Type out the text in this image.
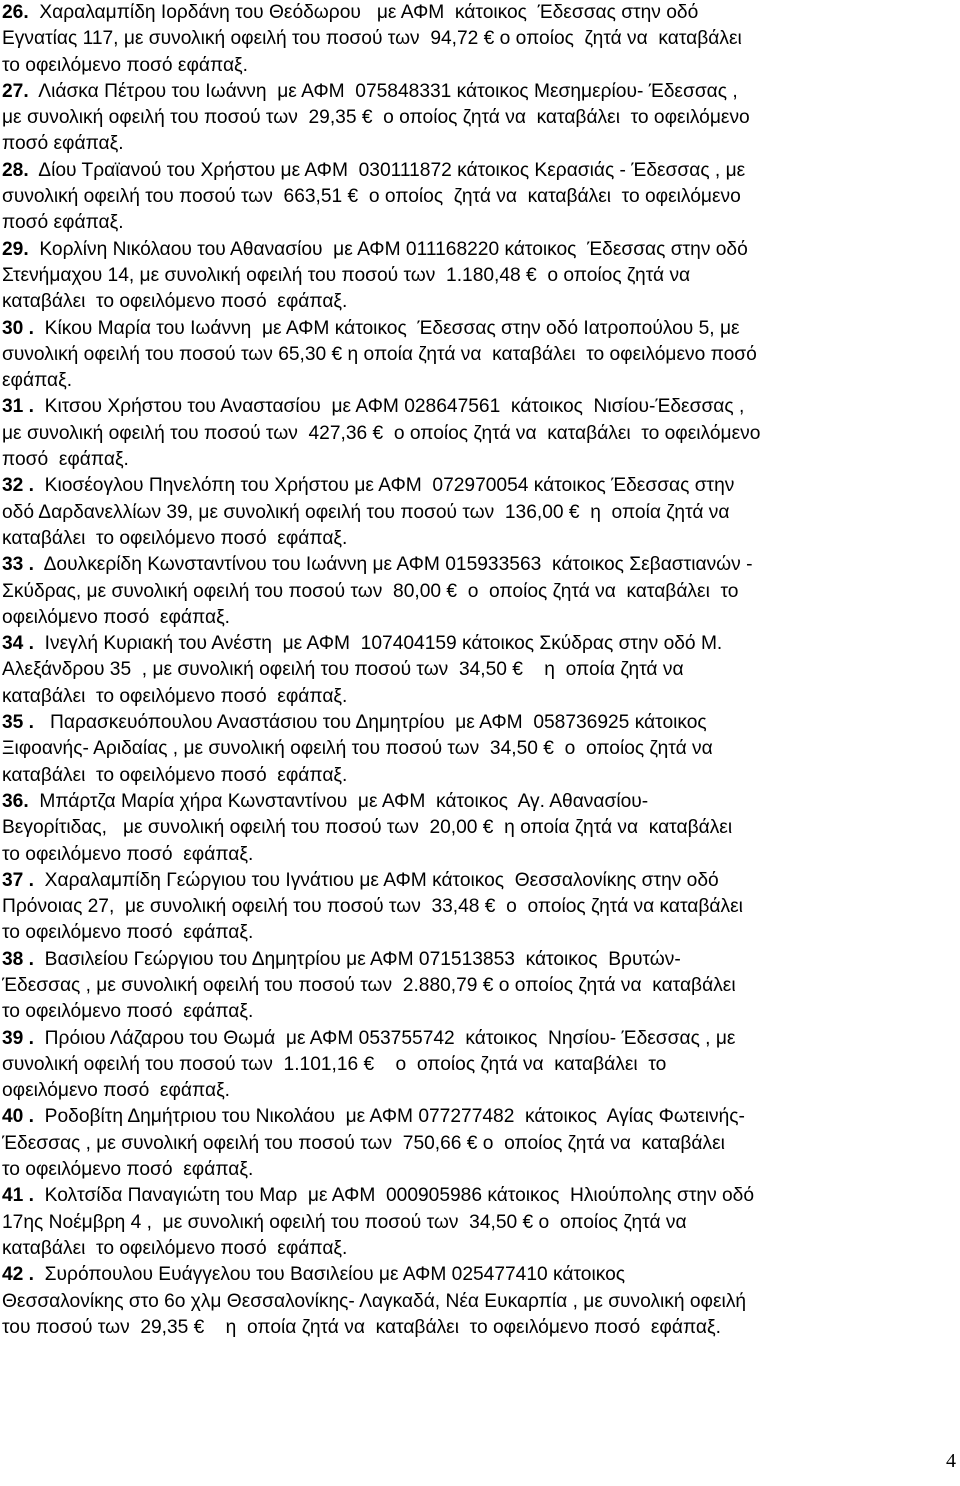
26.  Χαραλαμπίδη Ιορδάνη του Θεόδωρου   με ΑΦΜ  κάτοικος  Έδεσσας στην οδό
Εγνατίας 117, με συνολική οφειλή του ποσού των  94,72 € ο οποίος  ζητά να  καταβάλει
το οφειλόμενο ποσό εφάπαξ.
27.  Λιάσκα Πέτρου του Ιωάννη  με ΑΦΜ  075848331 κάτοικος Μεσημερίου- Έδεσσας ,
με συνολική οφειλή του ποσού των  29,35 €  ο οποίος ζητά να  καταβάλει  το οφειλόμενο
ποσό εφάπαξ.
28.  Δίου Τραϊανού του Χρήστου με ΑΦΜ  030111872 κάτοικος Κερασιάς - Έδεσσας , με
συνολική οφειλή του ποσού των  663,51 €  ο οποίος  ζητά να  καταβάλει  το οφειλόμενο
ποσό εφάπαξ.
29.  Κορλίνη Νικόλαου του Αθανασίου  με ΑΦΜ 011168220 κάτοικος  Έδεσσας στην οδό
Στενήμαχου 14, με συνολική οφειλή του ποσού των  1.180,48 €  ο οποίος ζητά να
καταβάλει  το οφειλόμενο ποσό  εφάπαξ.
30 .  Κίκου Μαρία του Ιωάννη  με ΑΦΜ κάτοικος  Έδεσσας στην οδό Ιατροπούλου 5, με
συνολική οφειλή του ποσού των 65,30 € η οποία ζητά να  καταβάλει  το οφειλόμενο ποσό
εφάπαξ.
31 .  Κιτσου Χρήστου του Αναστασίου  με ΑΦΜ 028647561  κάτοικος  Νισίου-Έδεσσας ,
με συνολική οφειλή του ποσού των  427,36 €  ο οποίος ζητά να  καταβάλει  το οφειλόμενο
ποσό  εφάπαξ.
32 .  Κιοσέογλου Πηνελόπη του Χρήστου με ΑΦΜ  072970054 κάτοικος Έδεσσας στην
οδό Δαρδανελλίων 39, με συνολική οφειλή του ποσού των  136,00 €  η  οποία ζητά να
καταβάλει  το οφειλόμενο ποσό  εφάπαξ.
33 .  Δουλκερίδη Κωνσταντίνου του Ιωάννη με ΑΦΜ 015933563  κάτοικος Σεβαστιανών -
Σκύδρας, με συνολική οφειλή του ποσού των  80,00 €  ο  οποίος ζητά να  καταβάλει  το
οφειλόμενο ποσό  εφάπαξ.
34 .  Ινεγλή Κυριακή του Ανέστη  με ΑΦΜ  107404159 κάτοικος Σκύδρας στην οδό Μ.
Αλεξάνδρου 35  , με συνολική οφειλή του ποσού των  34,50 €    η  οποία ζητά να
καταβάλει  το οφειλόμενο ποσό  εφάπαξ.
35 .   Παρασκευόπουλου Αναστάσιου του Δημητρίου  με ΑΦΜ  058736925 κάτοικος
Ξιφοανής- Αριδαίας , με συνολική οφειλή του ποσού των  34,50 €  ο  οποίος ζητά να
καταβάλει  το οφειλόμενο ποσό  εφάπαξ.
36.  Μπάρτζα Μαρία χήρα Κωνσταντίνου  με ΑΦΜ  κάτοικος  Αγ. Αθανασίου-
Βεγορίτιδας,   με συνολική οφειλή του ποσού των  20,00 €  η οποία ζητά να  καταβάλει
το οφειλόμενο ποσό  εφάπαξ.
37 .  Χαραλαμπίδη Γεώργιου του Ιγνάτιου με ΑΦΜ κάτοικος  Θεσσαλονίκης στην οδό
Πρόνοιας 27,  με συνολική οφειλή του ποσού των  33,48 €  ο  οποίος ζητά να καταβάλει
το οφειλόμενο ποσό  εφάπαξ.
38 .  Βασιλείου Γεώργιου του Δημητρίου με ΑΦΜ 071513853  κάτοικος  Βρυτών-
Έδεσσας , με συνολική οφειλή του ποσού των  2.880,79 € ο οποίος ζητά να  καταβάλει
το οφειλόμενο ποσό  εφάπαξ.
39 .  Πρόιου Λάζαρου του Θωμά  με ΑΦΜ 053755742  κάτοικος  Νησίου- Έδεσσας , με
συνολική οφειλή του ποσού των  1.101,16 €    ο  οποίος ζητά να  καταβάλει  το
οφειλόμενο ποσό  εφάπαξ.
40 .  Ροδοβίτη Δημήτριου του Νικολάου  με ΑΦΜ 077277482  κάτοικος  Αγίας Φωτεινής-
Έδεσσας , με συνολική οφειλή του ποσού των  750,66 € ο  οποίος ζητά να  καταβάλει
το οφειλόμενο ποσό  εφάπαξ.
41 .  Κολτσίδα Παναγιώτη του Μαρ  με ΑΦΜ  000905986 κάτοικος  Ηλιούπολης στην οδό
17ης Νοέμβρη 4 ,  με συνολική οφειλή του ποσού των  34,50 € ο  οποίος ζητά να
καταβάλει  το οφειλόμενο ποσό  εφάπαξ.
42 .  Συρόπουλου Ευάγγελου του Βασιλείου με ΑΦΜ 025477410 κάτοικος
Θεσσαλονίκης στο 6ο χλμ Θεσσαλονίκης- Λαγκαδά, Νέα Ευκαρπία , με συνολική οφειλή
του ποσού των  29,35 €    η  οποία ζητά να  καταβάλει  το οφειλόμενο ποσό  εφάπαξ.
4
